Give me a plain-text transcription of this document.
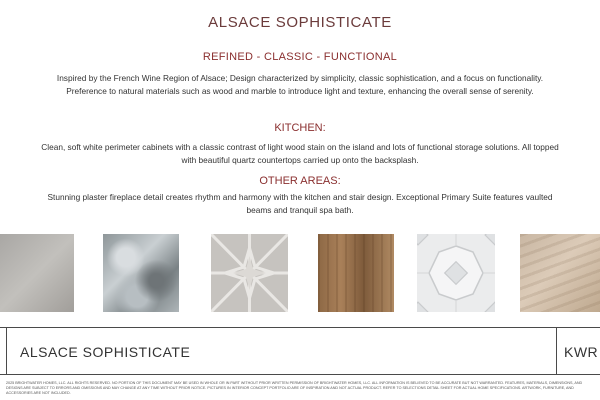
ALSACE SOPHISTICATE
REFINED - CLASSIC - FUNCTIONAL
Inspired by the French Wine Region of Alsace; Design characterized by simplicity, classic sophistication, and a focus on functionality. Preference to natural materials such as wood and marble to introduce light and texture, enhancing the overall sense of serenity.
KITCHEN:
Clean, soft white perimeter cabinets with a classic contrast of light wood stain on the island and lots of functional storage solutions. All topped with beautiful quartz countertops carried up onto the backsplash.
OTHER AREAS:
Stunning plaster fireplace detail creates rhythm and harmony with the kitchen and stair design. Exceptional Primary Suite features vaulted beams and tranquil spa bath.
ALSACE SOPHISTICATE	KWR
2025 BRIGHTWATER HOMES, LLC. ALL RIGHTS RESERVED. NO PORTION OF THIS DOCUMENT MAY BE USED IN WHOLE OR IN PART WITHOUT PRIOR WRITTEN PERMISSION OF BRIGHTWATER HOMES, LLC. ALL INFORMATION IS BELIEVED TO BE ACCURATE BUT NOT WARRANTED. FEATURES, MATERIALS, DIMENSIONS, AND DESIGNS ARE SUBJECT TO ERRORS AND OMISSIONS AND MAY CHANGE AT ANY TIME WITHOUT PRIOR NOTICE. PICTURES IN INTERIOR CONCEPT PORTFOLIO ARE OF INSPIRATION AND NOT ACTUAL PRODUCT. REFER TO SELECTIONS DETAIL SHEET FOR ACTUAL HOME SPECIFICATIONS. ARTWORK, FURNITURE, AND ACCESSORIES ARE NOT INCLUDED.
